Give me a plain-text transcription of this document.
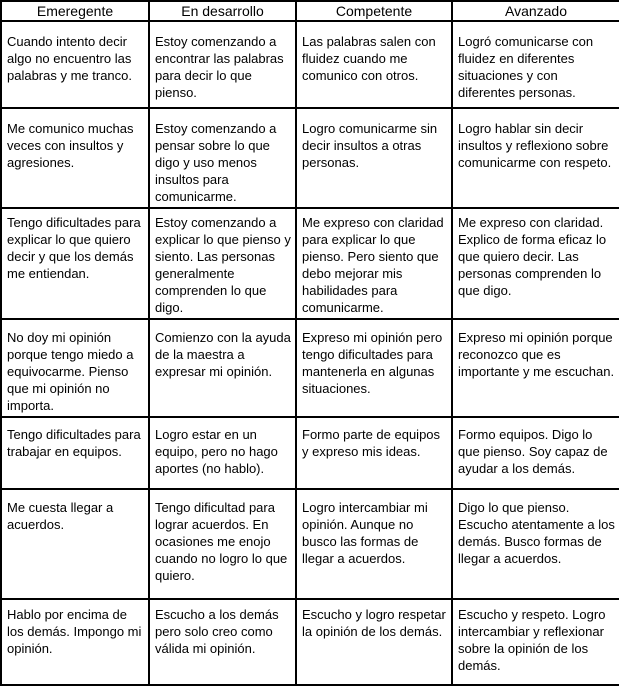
Emeregente	En desarrollo	Competente	Avanzado
Cuando intento decir algo no encuentro las palabras y me tranco.	Estoy comenzando a encontrar las palabras para decir lo que pienso.	Las palabras salen con fluidez cuando me comunico con otros.	Logró comunicarse con fluidez en diferentes situaciones y con diferentes personas.
Me comunico muchas veces con insultos y agresiones.	Estoy comenzando a pensar sobre lo que digo y uso menos insultos para comunicarme.	Logro comunicarme sin decir insultos a otras personas.	Logro hablar sin decir insultos y reflexiono sobre comunicarme con respeto.
Tengo dificultades para explicar lo que quiero decir y que los demás me entiendan.	Estoy comenzando a explicar lo que pienso y siento. Las personas generalmente comprenden lo que digo.	Me expreso con claridad para explicar lo que pienso. Pero siento que debo mejorar mis habilidades para comunicarme.	Me expreso con claridad. Explico de forma eficaz lo que quiero decir. Las personas comprenden lo que digo.
No doy mi opinión porque tengo miedo a equivocarme. Pienso que mi opinión no importa.	Comienzo con la ayuda de la maestra a expresar mi opinión.	Expreso mi opinión pero tengo dificultades para mantenerla en algunas situaciones.	Expreso mi opinión porque reconozco que es importante y me escuchan.
Tengo dificultades para trabajar en equipos.	Logro estar en un equipo, pero no hago aportes (no hablo).	Formo parte de equipos y expreso mis ideas.	Formo equipos. Digo lo que pienso. Soy capaz de ayudar a los demás.
Me cuesta llegar a acuerdos.	Tengo dificultad para lograr acuerdos. En ocasiones me enojo cuando no logro lo que quiero.	Logro intercambiar mi opinión. Aunque no busco las formas de llegar a acuerdos.	Digo lo que pienso. Escucho atentamente a los demás. Busco formas de llegar a acuerdos.
Hablo por encima de los demás. Impongo mi opinión.	Escucho a los demás pero solo creo como válida mi opinión.	Escucho y logro respetar la opinión de los demás.	Escucho y respeto. Logro intercambiar y reflexionar sobre la opinión de los demás.
